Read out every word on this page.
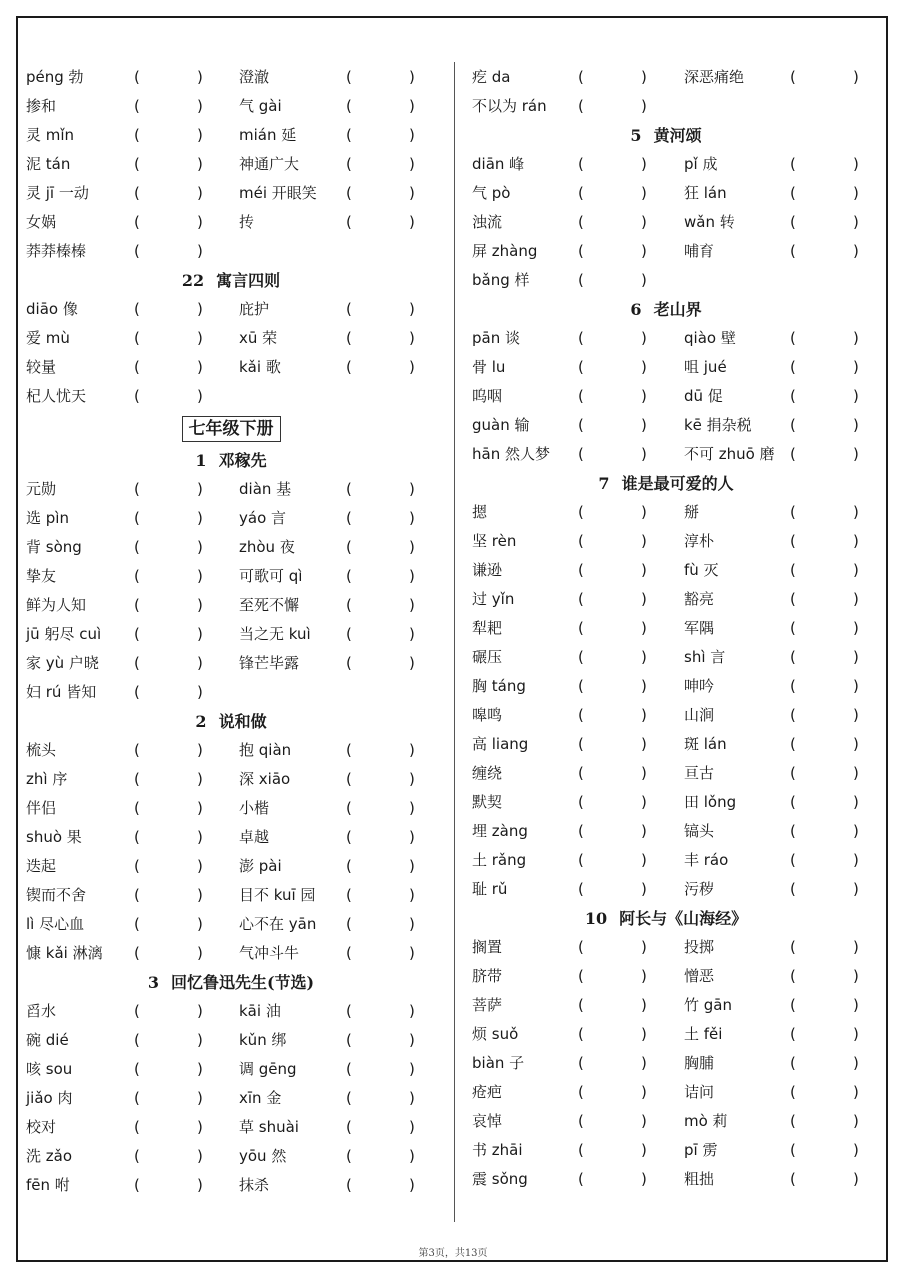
péng 勃	(	) 澄澈	(	)
掺和	(	) 气 gài	(	)
灵 mǐn	(	) mián 延	(	)
泥 tán	(	) 神通广大	(	)
灵 jī 一动	(	) méi 开眼笑 (	)
女娲	(	) 抟	(	)
莽莽榛榛	(	)
22 寓言四则
diāo 像	(	) 庇护	(	)
爱 mù	(	) xū 荣	(	)
较量	(	) kǎi 歌	(	)
杞人忧天	(	)
七年级下册
1 邓稼先
元勋	(	) diàn 基	(	)
选 pìn	(	) yáo 言	(	)
背 sòng	(	) zhòu 夜	(	)
挚友	(	) 可歌可 qì	(	)
鲜为人知	(	) 至死不懈	(	)
jū 躬尽 cuì (	) 当之无 kuì (	)
家 yù 户晓 (	) 锋芒毕露	(	)
妇 rú 皆知	(	)
2 说和做
梳头	(	) 抱 qiàn	(	)
zhì 序	(	) 深 xiāo	(	)
伴侣	(	) 小楷	(	)
shuò 果	(	) 卓越	(	)
迭起	(	) 澎 pài	(	)
锲而不舍	(	) 目不 kuī 园 (	)
lì 尽心血	(	) 心不在 yān (	)
慷 kǎi 淋漓 (	) 气冲斗牛	(	)
3 回忆鲁迅先生(节选)
舀水	(	) kāi 油	(	)
碗 dié	(	) kǔn 绑	(	)
咳 sou	(	) 调 gēng	(	)
jiǎo 肉	(	) xīn 金	(	)
校对	(	) 草 shuài	(	)
洗 zǎo	(	) yōu 然	(	)
fēn 咐	(	) 抹杀	(	)
疙 da	(	) 深恶痛绝	(	)
不以为 rán (	)
5 黄河颂
diān 峰	(	) pǐ 成	(	)
气 pò	(	) 狂 lán	(	)
浊流	(	) wǎn 转	(	)
屏 zhàng	(	) 哺育	(	)
bǎng 样	(	)
6 老山界
pān 谈	(	) qiào 壁	(	)
骨 lu	(	) 咀 jué	(	)
呜咽	(	) dū 促	(	)
guàn 输	(	) kē 捐杂税	(	)
hān 然人梦 (	) 不可 zhuō 磨 (	)
7 谁是最可爱的人
摁	(	) 掰	(	)
坚 rèn	(	) 淳朴	(	)
谦逊	(	) fù 灭	(	)
过 yǐn	(	) 豁亮	(	)
犁耙	(	) 军隅	(	)
碾压	(	) shì 言	(	)
胸 táng	(	) 呻吟	(	)
嗥鸣	(	) 山涧	(	)
高 liang	(	) 斑 lán	(	)
缠绕	(	) 亘古	(	)
默契	(	) 田 lǒng	(	)
埋 zàng	(	) 镐头	(	)
土 rǎng	(	) 丰 ráo	(	)
耻 rǔ	(	) 污秽	(	)
10 阿长与《山海经》
搁置	(	) 投掷	(	)
脐带	(	) 憎恶	(	)
菩萨	(	) 竹 gān	(	)
烦 suǒ	(	) 土 fěi	(	)
biàn 子	(	) 胸脯	(	)
疮疤	(	) 诘问	(	)
哀悼	(	) mò 莉	(	)
书 zhāi	(	) pī 雳	(	)
震 sǒng	(	) 粗拙	(	)
第3页，共13页
